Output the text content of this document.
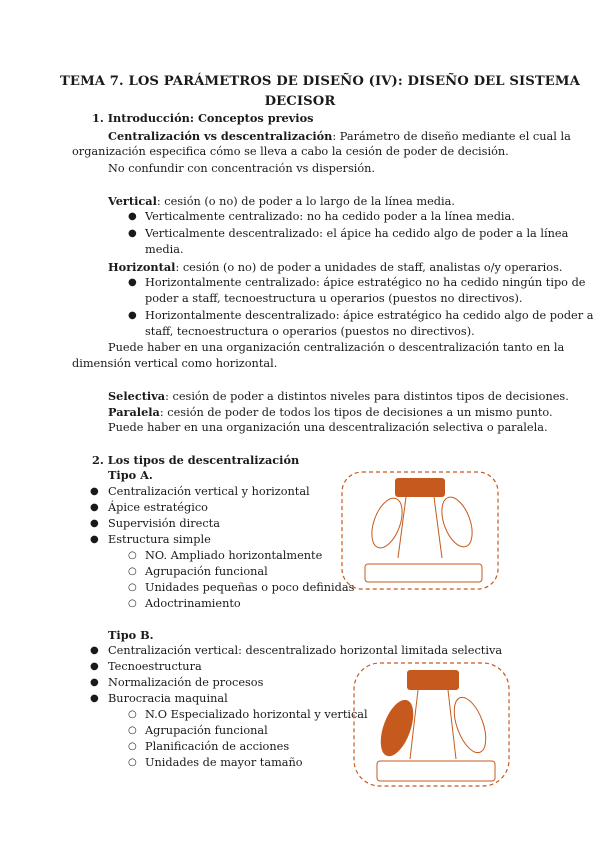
TEMA 7. LOS PARÁMETROS DE DISEÑO (IV): DISEÑO DEL SISTEMA
DECISOR
1. Introducción: Conceptos previos
Centralización vs descentralización: Parámetro de diseño mediante el cual la
organización especifica cómo se lleva a cabo la cesión de poder de decisión.
No confundir con concentración vs dispersión.
Vertical: cesión (o no) de poder a lo largo de la línea media.
● Verticalmente centralizado: no ha cedido poder a la línea media.
● Verticalmente descentralizado: el ápice ha cedido algo de poder a la línea
media.
Horizontal: cesión (o no) de poder a unidades de staff, analistas o/y operarios.
● Horizontalmente centralizado: ápice estratégico no ha cedido ningún tipo de
poder a staff, tecnoestructura u operarios (puestos no directivos).
● Horizontalmente descentralizado: ápice estratégico ha cedido algo de poder a
staff, tecnoestructura o operarios (puestos no directivos).
Puede haber en una organización centralización o descentralización tanto en la
dimensión vertical como horizontal.
Selectiva: cesión de poder a distintos niveles para distintos tipos de decisiones.
Paralela: cesión de poder de todos los tipos de decisiones a un mismo punto.
Puede haber en una organización una descentralización selectiva o paralela.
2. Los tipos de descentralización
Tipo A.
● Centralización vertical y horizontal
● Ápice estratégico
● Supervisión directa
● Estructura simple
○ NO. Ampliado horizontalmente
○ Agrupación funcional
○ Unidades pequeñas o poco definidas
○ Adoctrinamiento
Tipo B.
● Centralización vertical: descentralizado horizontal limitada selectiva
● Tecnoestructura
● Normalización de procesos
● Burocracia maquinal
○ N.O Especializado horizontal y vertical
○ Agrupación funcional
○ Planificación de acciones
○ Unidades de mayor tamaño
